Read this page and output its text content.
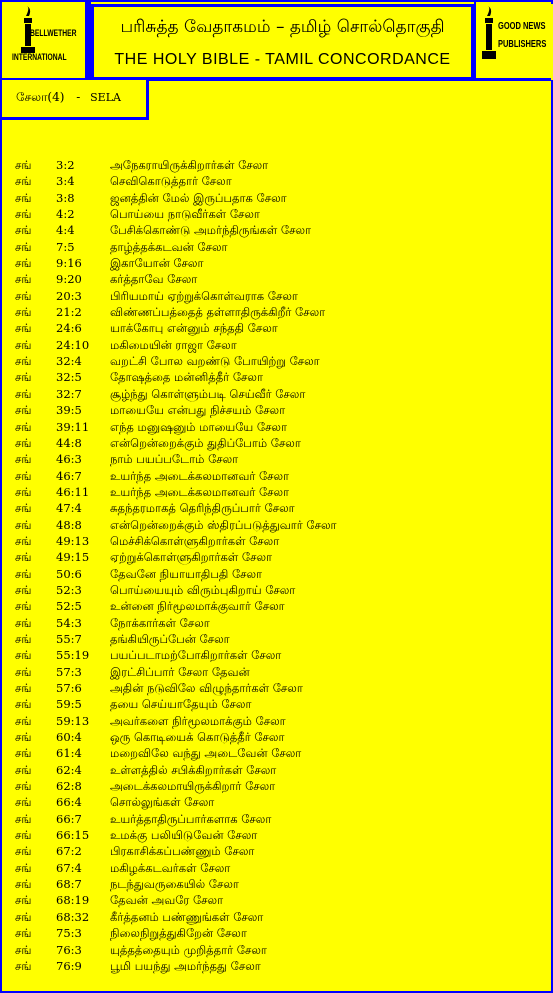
BELLWETHER
INTERNATIONAL
பரிசுத்த வேதாகமம் – தமிழ் சொல்தொகுதி
THE HOLY BIBLE - TAMIL CONCORDANCE
GOOD NEWS
PUBLISHERS
சேலா(4) - SELA
சங் 3:2	அநேகராயிருக்கிறார்கள் சேலா
சங் 3:4	செவிகொடுத்தார் சேலா
சங் 3:8	ஜனத்தின் மேல் இருப்பதாக சேலா
சங் 4:2	பொய்யை நாடுவீர்கள் சேலா
சங் 4:4	பேசிக்கொண்டு அமர்ந்திருங்கள் சேலா
சங் 7:5	தாழ்த்தக்கடவன் சேலா
சங் 9:16 இகாயோன் சேலா
சங் 9:20 கர்த்தாவே சேலா
சங் 20:3 பிரியமாய் ஏற்றுக்கொள்வராக சேலா
சங் 21:2 விண்ணப்பத்தைத் தள்ளாதிருக்கிறீர் சேலா
சங் 24:6 யாக்கோபு என்னும் சந்ததி சேலா
சங் 24:10 மகிமையின் ராஜா சேலா
சங் 32:4 வறட்சி போல வறண்டு போயிற்று சேலா
சங் 32:5 தோஷத்தை மன்னித்தீர் சேலா
சங் 32:7 சூழ்ந்து கொள்ளும்படி செய்வீர் சேலா
சங் 39:5 மாயையே என்பது நிச்சயம் சேலா
சங் 39:11 எந்த மனுஷனும் மாயையே சேலா
சங் 44:8 என்றென்றைக்கும் துதிப்போம் சேலா
சங் 46:3 நாம் பயப்படோம் சேலா
சங் 46:7 உயர்ந்த அடைக்கலமானவர் சேலா
சங் 46:11 உயர்ந்த அடைக்கலமானவர் சேலா
சங் 47:4 சுதந்தரமாகத் தெரிந்திருப்பார் சேலா
சங் 48:8 என்றென்றைக்கும் ஸ்திரப்படுத்துவார் சேலா
சங் 49:13 மெச்சிக்கொள்ளுகிறார்கள் சேலா
சங் 49:15 ஏற்றுக்கொள்ளுகிறார்கள் சேலா
சங் 50:6 தேவனே நியாயாதிபதி சேலா
சங் 52:3 பொய்யையும் விரும்புகிறாய் சேலா
சங் 52:5 உன்னை நிர்மூலமாக்குவார் சேலா
சங் 54:3 நோக்கார்கள் சேலா
சங் 55:7 தங்கியிருப்பேன் சேலா
சங் 55:19 பயப்படாமற்போகிறார்கள் சேலா
சங் 57:3 இரட்சிப்பார் சேலா தேவன்
சங் 57:6 அதின் நடுவிலே விழுந்தார்கள் சேலா
சங் 59:5 தயை செய்யாதேயும் சேலா
சங் 59:13 அவர்களை நிர்மூலமாக்கும் சேலா
சங் 60:4 ஒரு கொடியைக் கொடுத்தீர் சேலா
சங் 61:4 மறைவிலே வந்து அடைவேன் சேலா
சங் 62:4 உள்ளத்தில் சபிக்கிறார்கள் சேலா
சங் 62:8 அடைக்கலமாயிருக்கிறார் சேலா
சங் 66:4 சொல்லுங்கள் சேலா
சங் 66:7 உயர்த்தாதிருப்பார்களாக சேலா
சங் 66:15 உமக்கு பலியிடுவேன் சேலா
சங் 67:2 பிரகாசிக்கப்பண்ணும் சேலா
சங் 67:4 மகிழக்கடவர்கள் சேலா
சங் 68:7 நடந்துவருகையில் சேலா
சங் 68:19 தேவன் அவரே சேலா
சங் 68:32 கீர்த்தனம் பண்ணுங்கள் சேலா
சங் 75:3 நிலைநிறுத்துகிறேன் சேலா
சங் 76:3 யுத்தத்தையும் முறித்தார் சேலா
சங் 76:9 பூமி பயந்து அமர்ந்தது சேலா
